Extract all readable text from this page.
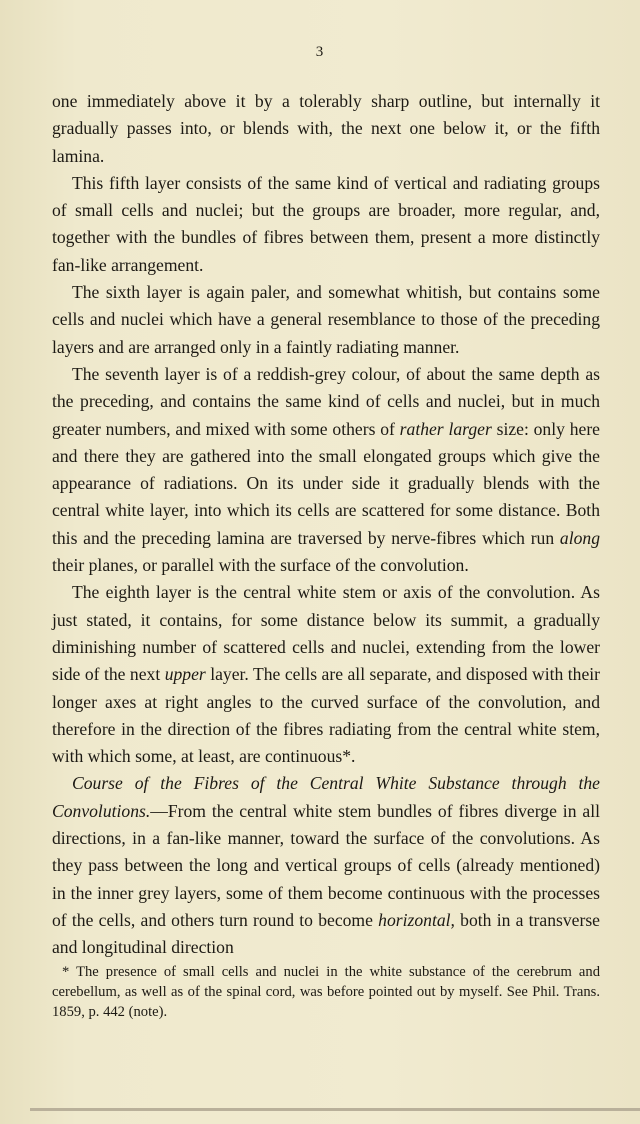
3

one immediately above it by a tolerably sharp outline, but internally it gradually passes into, or blends with, the next one below it, or the fifth lamina.

This fifth layer consists of the same kind of vertical and radiating groups of small cells and nuclei; but the groups are broader, more regular, and, together with the bundles of fibres between them, present a more distinctly fan-like arrangement.

The sixth layer is again paler, and somewhat whitish, but contains some cells and nuclei which have a general resemblance to those of the preceding layers and are arranged only in a faintly radiating manner.

The seventh layer is of a reddish-grey colour, of about the same depth as the preceding, and contains the same kind of cells and nuclei, but in much greater numbers, and mixed with some others of rather larger size: only here and there they are gathered into the small elongated groups which give the appearance of radiations. On its under side it gradually blends with the central white layer, into which its cells are scattered for some distance. Both this and the preceding lamina are traversed by nerve-fibres which run along their planes, or parallel with the surface of the convolution.

The eighth layer is the central white stem or axis of the convolution. As just stated, it contains, for some distance below its summit, a gradually diminishing number of scattered cells and nuclei, extending from the lower side of the next upper layer. The cells are all separate, and disposed with their longer axes at right angles to the curved surface of the convolution, and therefore in the direction of the fibres radiating from the central white stem, with which some, at least, are continuous*.

Course of the Fibres of the Central White Substance through the Convolutions.—From the central white stem bundles of fibres diverge in all directions, in a fan-like manner, toward the surface of the convolutions. As they pass between the long and vertical groups of cells (already mentioned) in the inner grey layers, some of them become continuous with the processes of the cells, and others turn round to become horizontal, both in a transverse and longitudinal direction

* The presence of small cells and nuclei in the white substance of the cerebrum and cerebellum, as well as of the spinal cord, was before pointed out by myself. See Phil. Trans. 1859, p. 442 (note).
